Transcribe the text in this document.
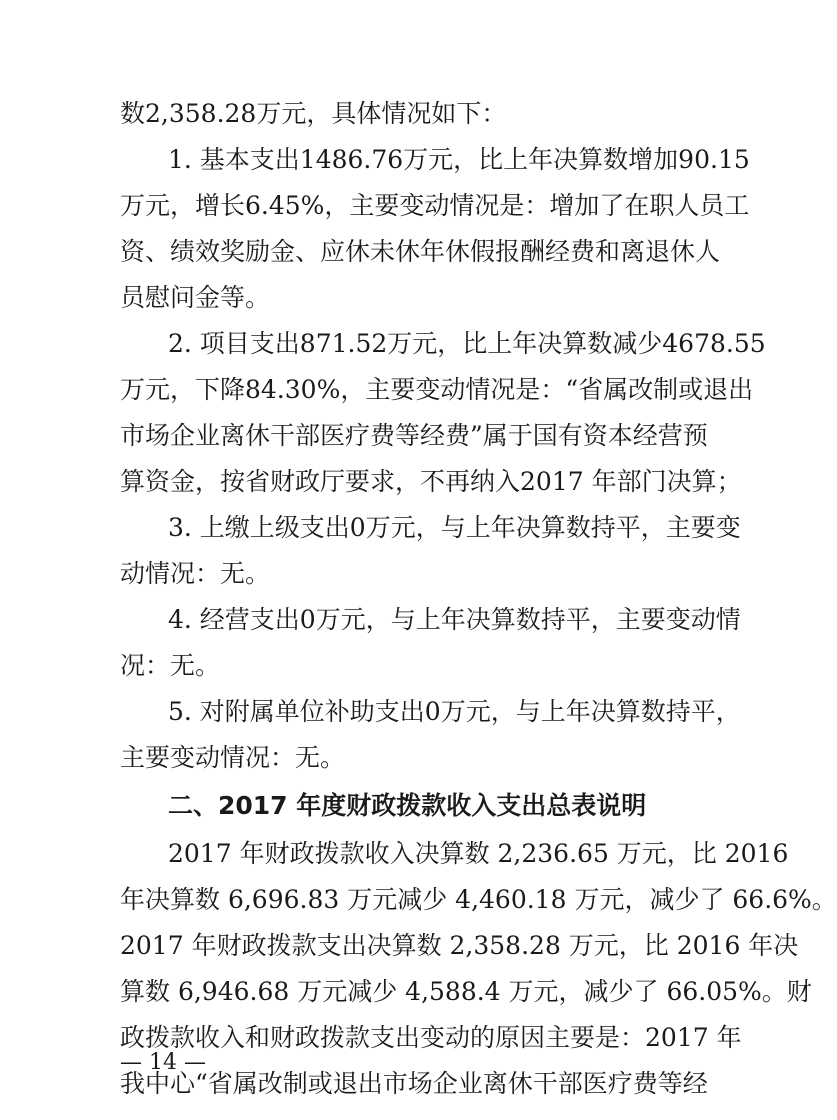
数2,358.28万元，具体情况如下：
1. 基本支出1486.76万元，比上年决算数增加90.15
万元，增长6.45%，主要变动情况是：增加了在职人员工
资、绩效奖励金、应休未休年休假报酬经费和离退休人
员慰问金等。
2. 项目支出871.52万元，比上年决算数减少4678.55
万元，下降84.30%，主要变动情况是：“省属改制或退出
市场企业离休干部医疗费等经费”属于国有资本经营预
算资金，按省财政厅要求，不再纳入2017 年部门决算；
3. 上缴上级支出0万元，与上年决算数持平，主要变
动情况：无。
4. 经营支出0万元，与上年决算数持平，主要变动情
况：无。
5. 对附属单位补助支出0万元，与上年决算数持平，
主要变动情况：无。
二、2017 年度财政拨款收入支出总表说明
2017 年财政拨款收入决算数 2,236.65 万元，比 2016
年决算数 6,696.83 万元减少 4,460.18 万元，减少了 66.6%。
2017 年财政拨款支出决算数 2,358.28 万元，比 2016 年决
算数 6,946.68 万元减少 4,588.4 万元，减少了 66.05%。财
政拨款收入和财政拨款支出变动的原因主要是：2017 年
我中心“省属改制或退出市场企业离休干部医疗费等经
— 14 —
